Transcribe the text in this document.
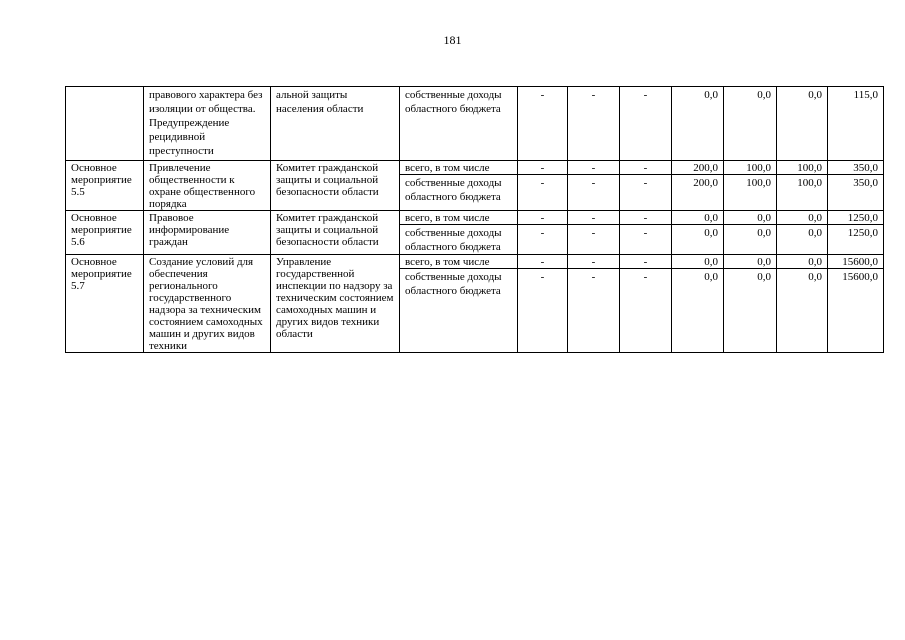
181
	правового характера без изоляции от общества. Предупреждение рецидивной преступности	альной защиты населения области	собственные доходы областного бюджета	-	-	-	0,0	0,0	0,0	115,0
Основное мероприятие 5.5	Привлечение общественности к охране общественного порядка	Комитет гражданской защиты и социальной безопасности области	всего, в том числе	-	-	-	200,0	100,0	100,0	350,0
			собственные доходы областного бюджета	-	-	-	200,0	100,0	100,0	350,0
Основное мероприятие 5.6	Правовое информирование граждан	Комитет гражданской защиты и социальной безопасности области	всего, в том числе	-	-	-	0,0	0,0	0,0	1250,0
			собственные доходы областного бюджета	-	-	-	0,0	0,0	0,0	1250,0
Основное мероприятие 5.7	Создание условий для обеспечения регионального государственного надзора за техническим состоянием самоходных машин и других видов техники	Управление государственной инспекции по надзору за техническим состоянием самоходных машин и других видов техники области	всего, в том числе	-	-	-	0,0	0,0	0,0	15600,0
			собственные доходы областного бюджета	-	-	-	0,0	0,0	0,0	15600,0
